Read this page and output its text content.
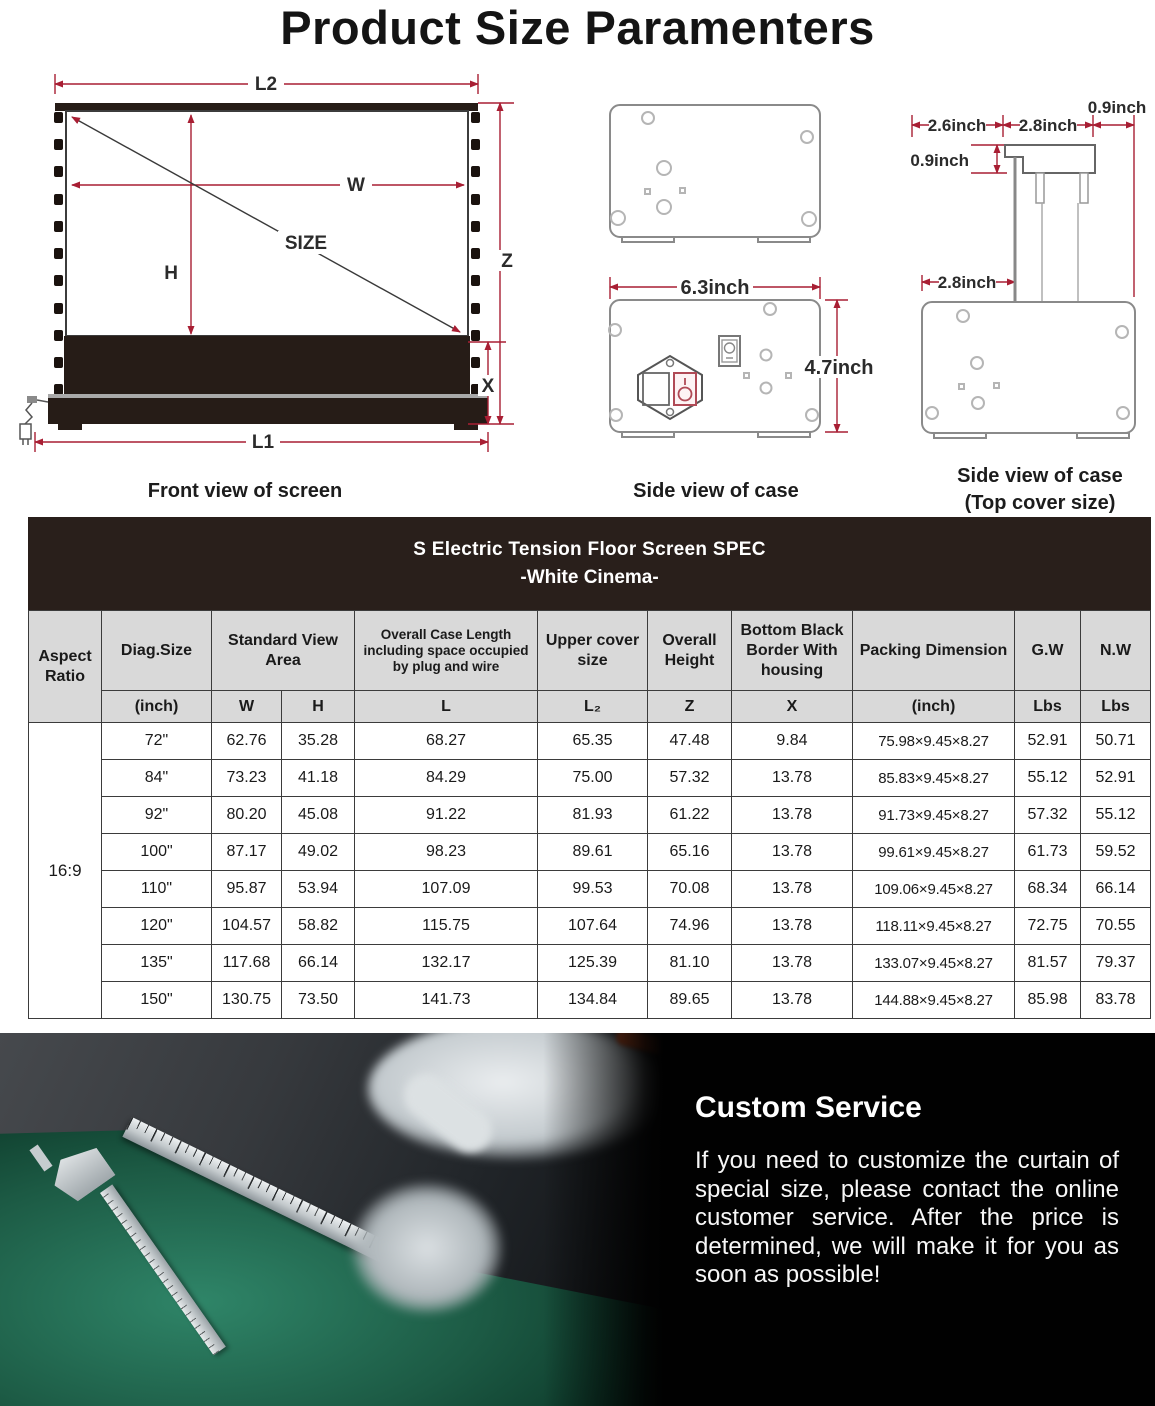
Product Size Paramenters
L2
W
H
SIZE
Z
X
L1
Front view of screen
6.3inch
4.7inch
Side view of case
0.9inch
2.6inch 2.8inch
0.9inch
2.8inch
Side view of case
(Top cover size)
S Electric Tension Floor Screen SPEC
-White Cinema-										

Aspect Ratio	Diag.Size	Standard View Area		Overall Case Length including space occupied by plug and wire	Upper cover size	Overall Height	Bottom Black Border With housing	Packing Dimension	G.W	N.W
	(inch)	W	H	L	L₂	Z	X	(inch)	Lbs	Lbs
16:9	72"	62.76	35.28	68.27	65.35	47.48	9.84	75.98×9.45×8.27	52.91	50.71
	84"	73.23	41.18	84.29	75.00	57.32	13.78	85.83×9.45×8.27	55.12	52.91
	92"	80.20	45.08	91.22	81.93	61.22	13.78	91.73×9.45×8.27	57.32	55.12
	100"	87.17	49.02	98.23	89.61	65.16	13.78	99.61×9.45×8.27	61.73	59.52
	110"	95.87	53.94	107.09	99.53	70.08	13.78	109.06×9.45×8.27	68.34	66.14
	120"	104.57	58.82	115.75	107.64	74.96	13.78	118.11×9.45×8.27	72.75	70.55
	135"	117.68	66.14	132.17	125.39	81.10	13.78	133.07×9.45×8.27	81.57	79.37
	150"	130.75	73.50	141.73	134.84	89.65	13.78	144.88×9.45×8.27	85.98	83.78
Custom Service
If you need to customize the curtain of special size, please contact the online customer service. After the price is determined, we will make it for you as soon as possible!
